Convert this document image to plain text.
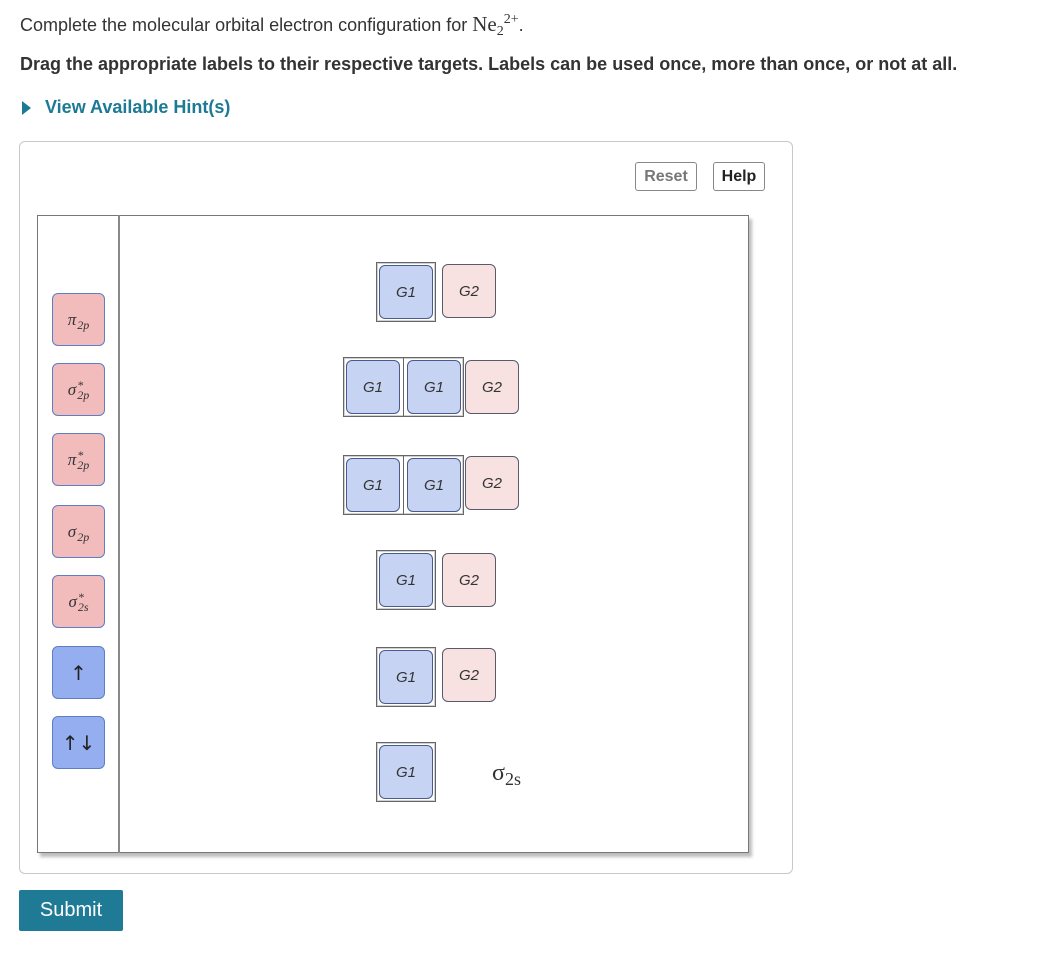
Complete the molecular orbital electron configuration for $Ne_2^{2+}$.
Drag the appropriate labels to their respective targets. Labels can be used once, more than once, or not at all.
View Available Hint(s)
Reset	Help
π 2p
σ *
2p
π *
2p
σ 2p
σ *
2s
↑
↑↓
G1	G2
G1	G1	G2
G1	G1	G2
G1	G2
G1	G2
G1	$\sigma_{2s}$
Submit
